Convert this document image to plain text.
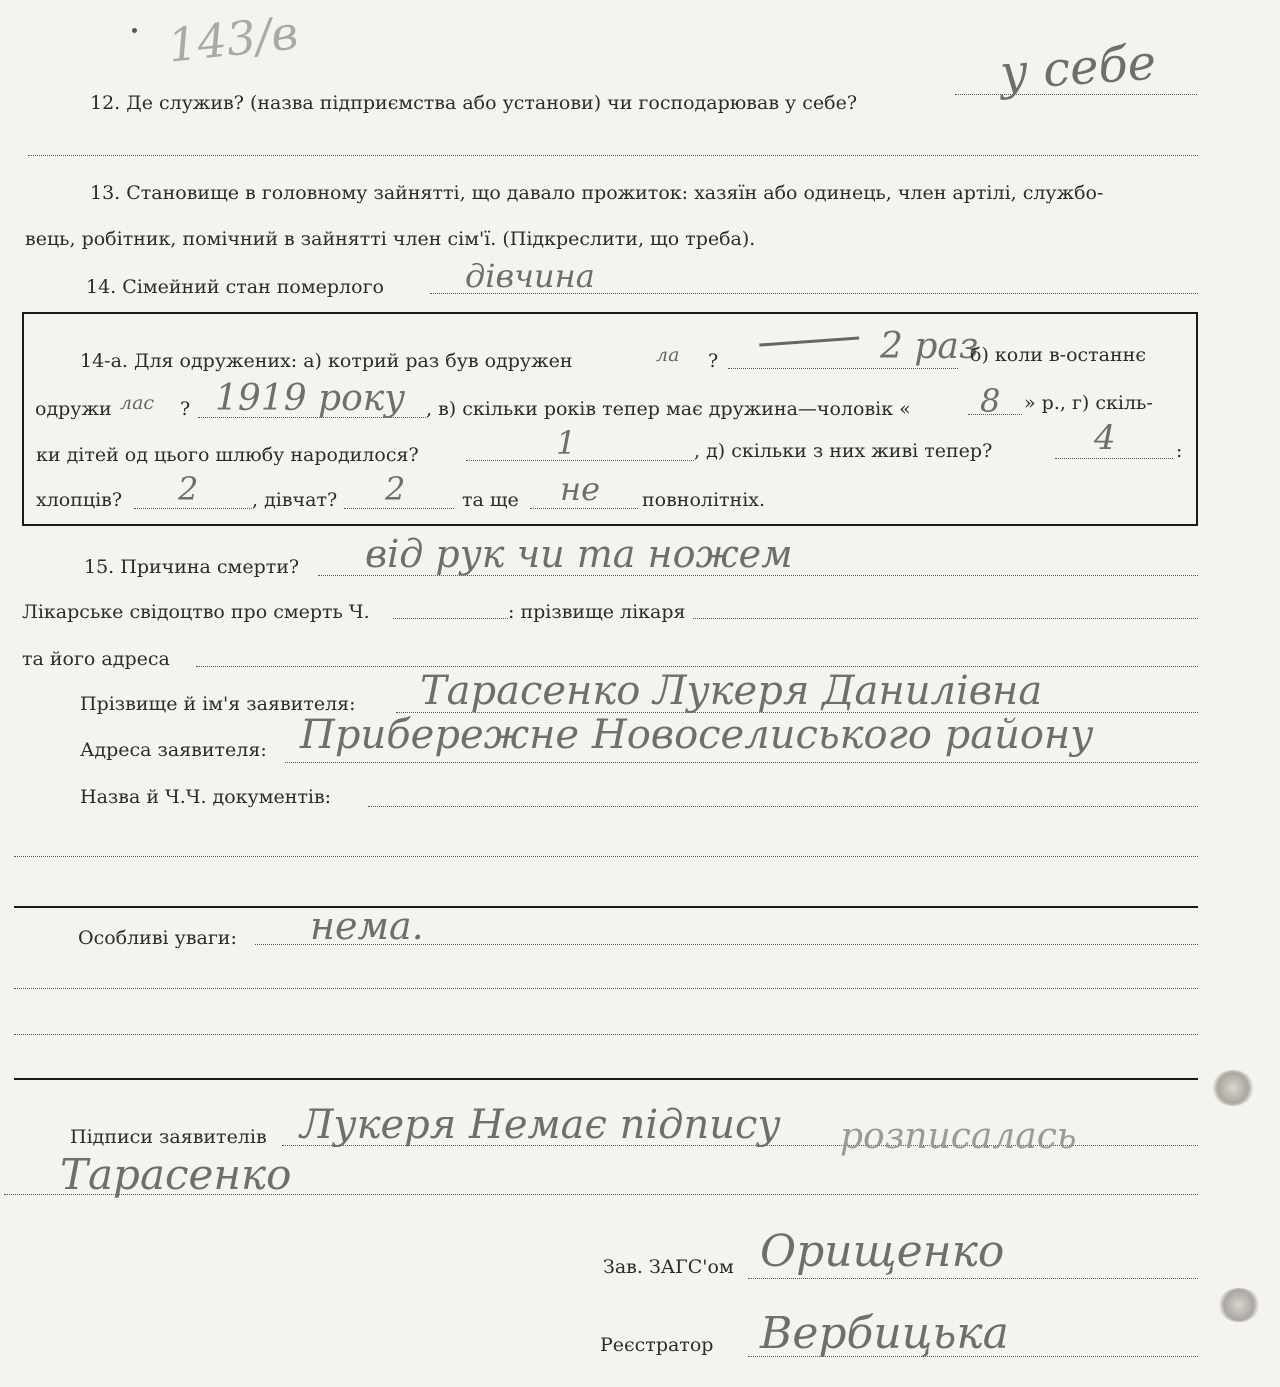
143/в
12. Де служив? (назва підприємства або установи) чи господарював у себе?
у себе
13. Становище в головному зайнятті, що давало прожиток: хазяїн або одинець, член артілі, службо-
вець, робітник, помічний в зайнятті член сім'ї. (Підкреслити, що треба).
14. Сімейний стан померлого	дівчина
14-а. Для одружених: а) котрий раз був одружен	ла ?	2 раз
б) коли в-останнє
одружи лас ? 1919 року , в) скільки років тепер має дружина—чоловік « 8 » р., г) скіль-
ки дітей од цього шлюбу народилося?	1	, д) скільки з них живі тепер?	4	:
хлопців? 2	, дівчат? 2	та ще не повнолітніх.
15. Причина смерти? від рук чи та ножем
Лікарське свідоцтво про смерть Ч.	: прізвище лікаря
та його адреса
Прізвище й ім'я заявителя: Тарасенко Лукеря Данилівна
Адреса заявителя: Прибережне Новоселиського району
Назва й Ч.Ч. документів:
Особливі уваги: нема.
Підписи заявителів Лукеря Немає підпису розписалась
Тарасенко
Зав. ЗАГС'ом Орищенко
Реєстратор Вербицька
